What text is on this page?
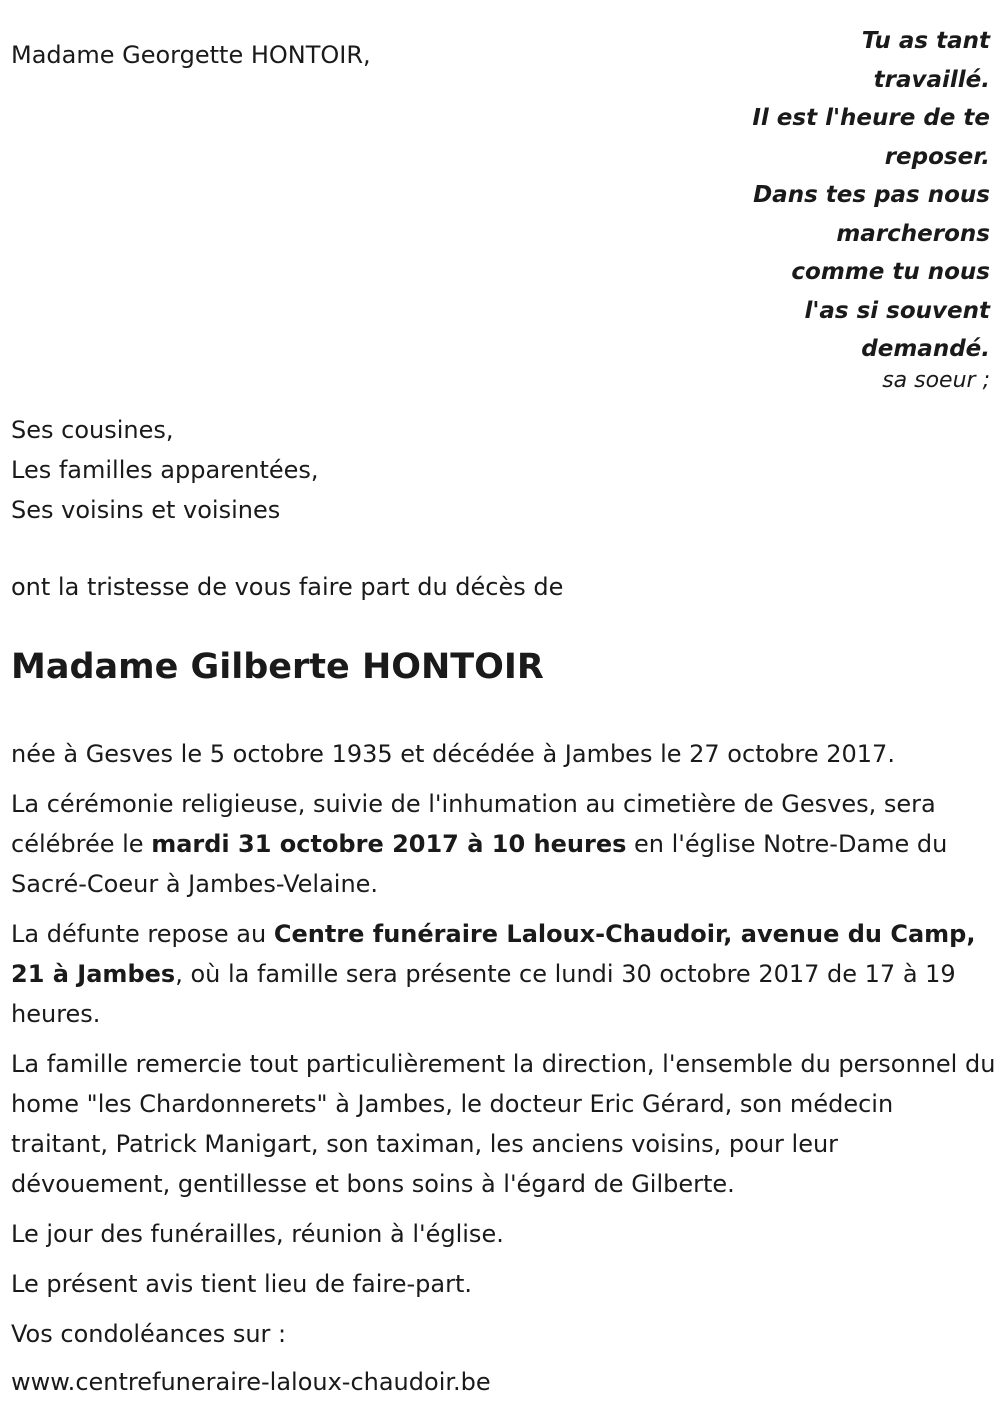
Madame Georgette HONTOIR,	Tu as tant
travaillé.
Il est l'heure de te
reposer.
Dans tes pas nous
marcherons
comme tu nous
l'as si souvent
demandé.
sa soeur ;
Ses cousines,
Les familles apparentées,
Ses voisins et voisines
ont la tristesse de vous faire part du décès de
Madame Gilberte HONTOIR

née à Gesves le 5 octobre 1935 et décédée à Jambes le 27 octobre 2017.

La cérémonie religieuse, suivie de l'inhumation au cimetière de Gesves, sera célébrée le mardi 31 octobre 2017 à 10 heures en l'église Notre-Dame du Sacré-Coeur à Jambes-Velaine.

La défunte repose au Centre funéraire Laloux-Chaudoir, avenue du Camp, 21 à Jambes, où la famille sera présente ce lundi 30 octobre 2017 de 17 à 19 heures.

La famille remercie tout particulièrement la direction, l'ensemble du personnel du home "les Chardonnerets" à Jambes, le docteur Eric Gérard, son médecin traitant, Patrick Manigart, son taximan, les anciens voisins, pour leur dévouement, gentillesse et bons soins à l'égard de Gilberte.

Le jour des funérailles, réunion à l'église.

Le présent avis tient lieu de faire-part.

Vos condoléances sur :

www.centrefuneraire-laloux-chaudoir.be
